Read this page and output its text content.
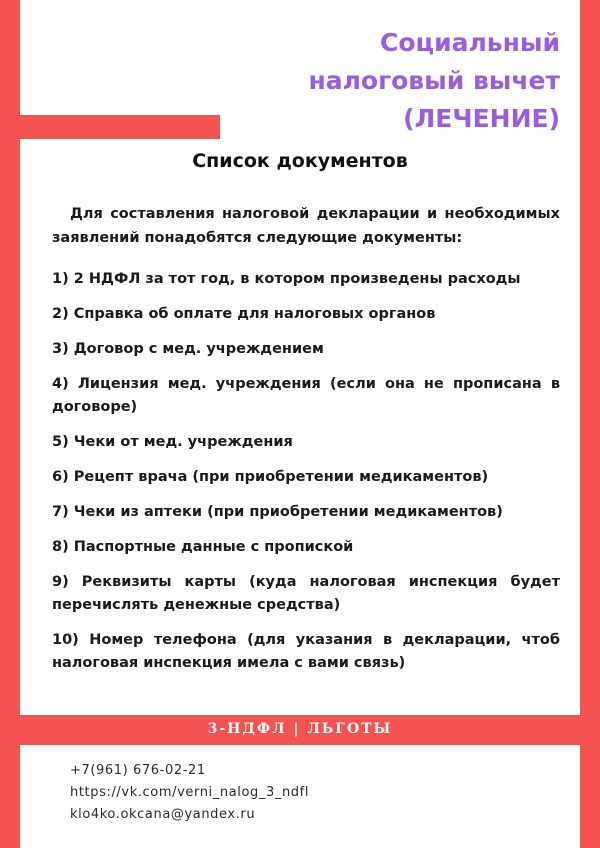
Социальный
налоговый вычет
(ЛЕЧЕНИЕ)
Список документов
Для составления налоговой декларации и необходимых заявлений понадобятся следующие документы:
1) 2 НДФЛ за тот год, в котором произведены расходы
2) Справка об оплате для налоговых органов
3) Договор с мед. учреждением
4) Лицензия мед. учреждения (если она не прописана в договоре)
5) Чеки от мед. учреждения
6) Рецепт врача (при приобретении медикаментов)
7) Чеки из аптеки (при приобретении медикаментов)
8) Паспортные данные с пропиской
9) Реквизиты карты (куда налоговая инспекция будет перечислять денежные средства)
10) Номер телефона (для указания в декларации, чтоб налоговая инспекция имела с вами связь)
3-НДФЛ | ЛЬГОТЫ
+7(961) 676-02-21
https://vk.com/verni_nalog_3_ndfl
klo4ko.okcana@yandex.ru
